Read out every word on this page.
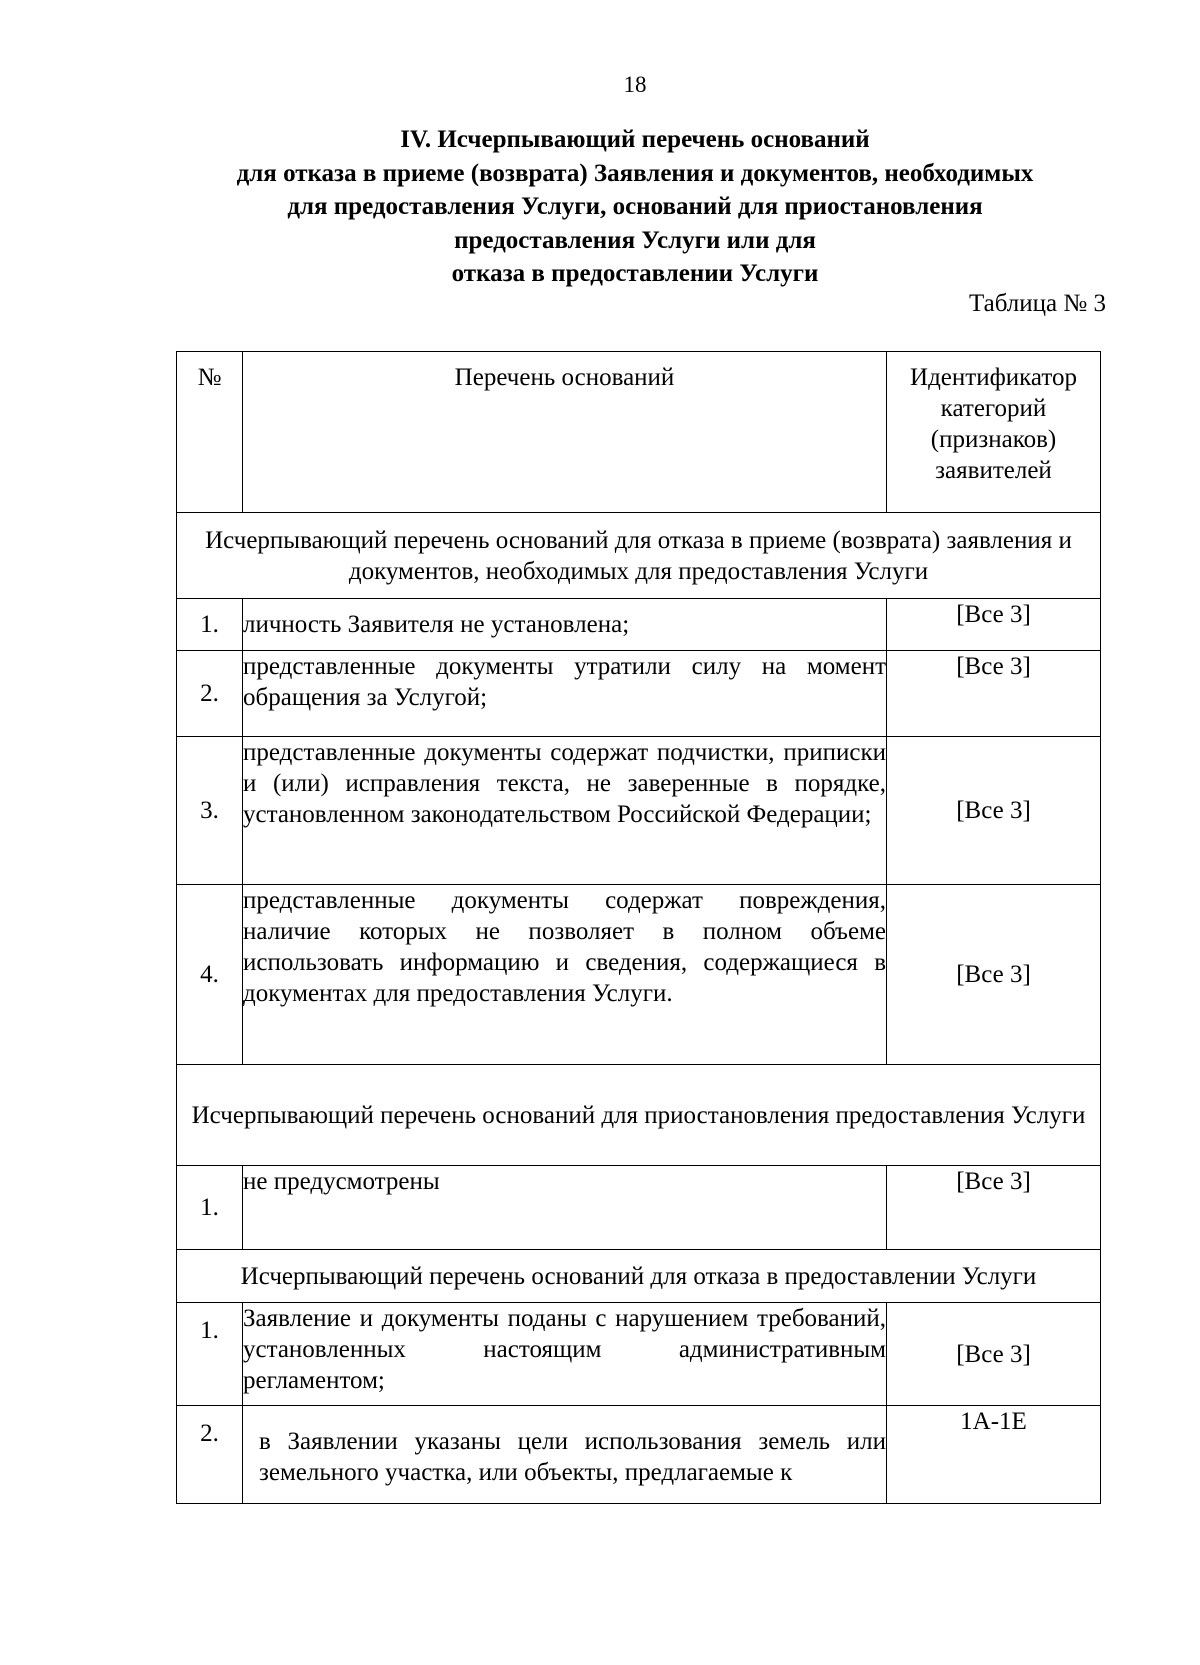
18
IV. Исчерпывающий перечень оснований
для отказа в приеме (возврата) Заявления и документов, необходимых
для предоставления Услуги, оснований для приостановления
предоставления Услуги или для
отказа в предоставлении Услуги
Таблица № 3
№	Перечень оснований	Идентификатор категорий (признаков) заявителей
Исчерпывающий перечень оснований для отказа в приеме (возврата) заявления и документов, необходимых для предоставления Услуги		
1.	личность Заявителя не установлена;	[Все 3]
2.	представленные документы утратили силу на момент обращения за Услугой;	[Все 3]
3.	представленные документы содержат подчистки, приписки и (или) исправления текста, не заверенные в порядке, установленном законодательством Российской Федерации;	[Все 3]
4.	представленные документы содержат повреждения, наличие которых не позволяет в полном объеме использовать информацию и сведения, содержащиеся в документах для предоставления Услуги.	[Все 3]
Исчерпывающий перечень оснований для приостановления предоставления Услуги		
1.	не предусмотрены	[Все 3]
Исчерпывающий перечень оснований для отказа в предоставлении Услуги		
1.	Заявление и документы поданы с нарушением требований, установленных настоящим административным регламентом;	[Все 3]
2.	в Заявлении указаны цели использования земель или земельного участка, или объекты, предлагаемые к	1А-1Е
